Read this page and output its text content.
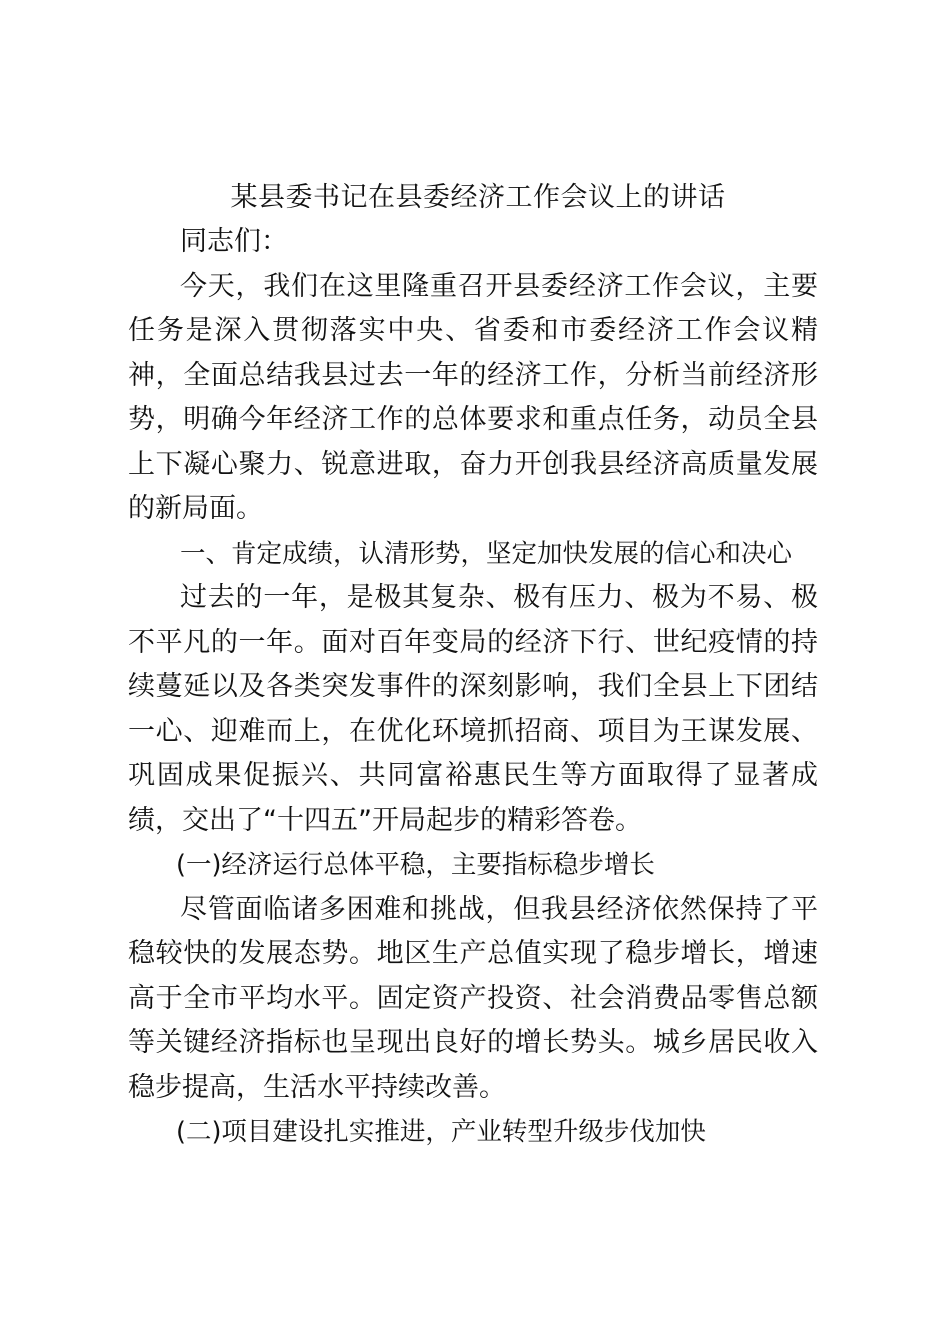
某县委书记在县委经济工作会议上的讲话

同志们：

今天，我们在这里隆重召开县委经济工作会议，主要任务是深入贯彻落实中央、省委和市委经济工作会议精神，全面总结我县过去一年的经济工作，分析当前经济形势，明确今年经济工作的总体要求和重点任务，动员全县上下凝心聚力、锐意进取，奋力开创我县经济高质量发展的新局面。

一、肯定成绩，认清形势，坚定加快发展的信心和决心

过去的一年，是极其复杂、极有压力、极为不易、极不平凡的一年。面对百年变局的经济下行、世纪疫情的持续蔓延以及各类突发事件的深刻影响，我们全县上下团结一心、迎难而上，在优化环境抓招商、项目为王谋发展、巩固成果促振兴、共同富裕惠民生等方面取得了显著成绩，交出了“十四五”开局起步的精彩答卷。

(一)经济运行总体平稳，主要指标稳步增长

尽管面临诸多困难和挑战，但我县经济依然保持了平稳较快的发展态势。地区生产总值实现了稳步增长，增速高于全市平均水平。固定资产投资、社会消费品零售总额等关键经济指标也呈现出良好的增长势头。城乡居民收入稳步提高，生活水平持续改善。

(二)项目建设扎实推进，产业转型升级步伐加快
